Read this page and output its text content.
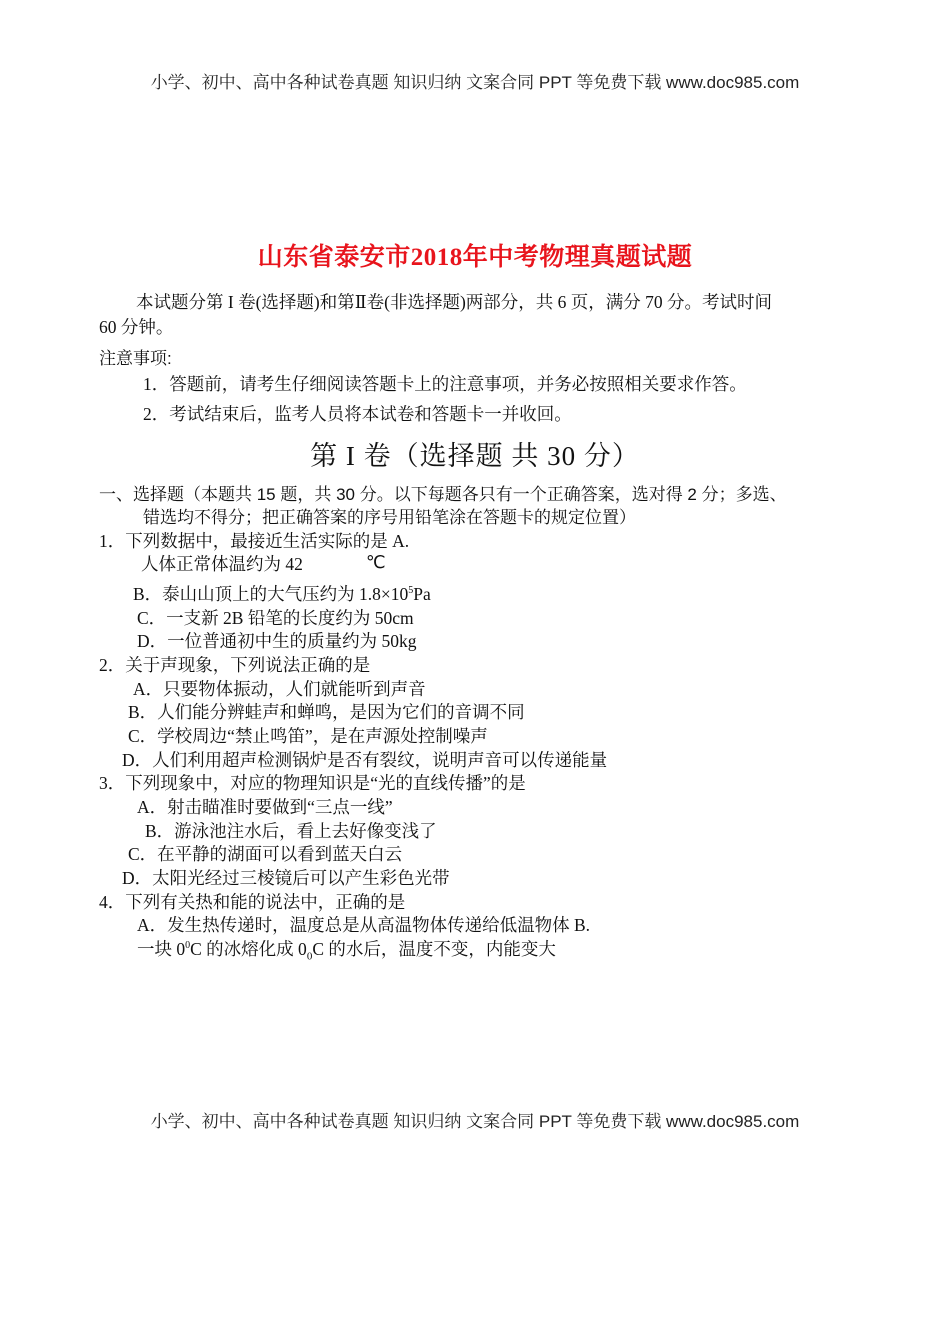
小学、初中、高中各种试卷真题 知识归纳 文案合同 PPT 等免费下载 www.doc985.com
山东省泰安市2018年中考物理真题试题
本试题分第 I 卷(选择题)和第Ⅱ卷(非选择题)两部分，共 6 页，满分 70 分。考试时间
60 分钟。
注意事项:
1．答题前，请考生仔细阅读答题卡上的注意事项，并务必按照相关要求作答。
2．考试结束后，监考人员将本试卷和答题卡一并收回。
第 I 卷（选择题 共 30 分）
一、选择题（本题共 15 题，共 30 分。以下每题各只有一个正确答案，选对得 2 分；多选、
错选均不得分；把正确答案的序号用铅笔涂在答题卡的规定位置）
1．下列数据中，最接近生活实际的是 A.
人体正常体温约为 42	℃
B．泰山山顶上的大气压约为 $1.8\times 10^5Pa$
C．一支新 2B 铅笔的长度约为 50cm
D．一位普通初中生的质量约为 50kg
2．关于声现象，下列说法正确的是
A．只要物体振动，人们就能听到声音
B．人们能分辨蛙声和蝉鸣，是因为它们的音调不同
C．学校周边“禁止鸣笛”，是在声源处控制噪声
D．人们利用超声检测锅炉是否有裂纹，说明声音可以传递能量
3．下列现象中，对应的物理知识是“光的直线传播”的是
A．射击瞄准时要做到“三点一线”
B．游泳池注水后，看上去好像变浅了
C．在平静的湖面可以看到蓝天白云
D．太阳光经过三棱镜后可以产生彩色光带
4．下列有关热和能的说法中，正确的是
A．发生热传递时，温度总是从高温物体传递给低温物体 B.
一块 $0^0C$ 的冰熔化成 $0_0C$ 的水后，温度不变，内能变大
小学、初中、高中各种试卷真题 知识归纳 文案合同 PPT 等免费下载 www.doc985.com
